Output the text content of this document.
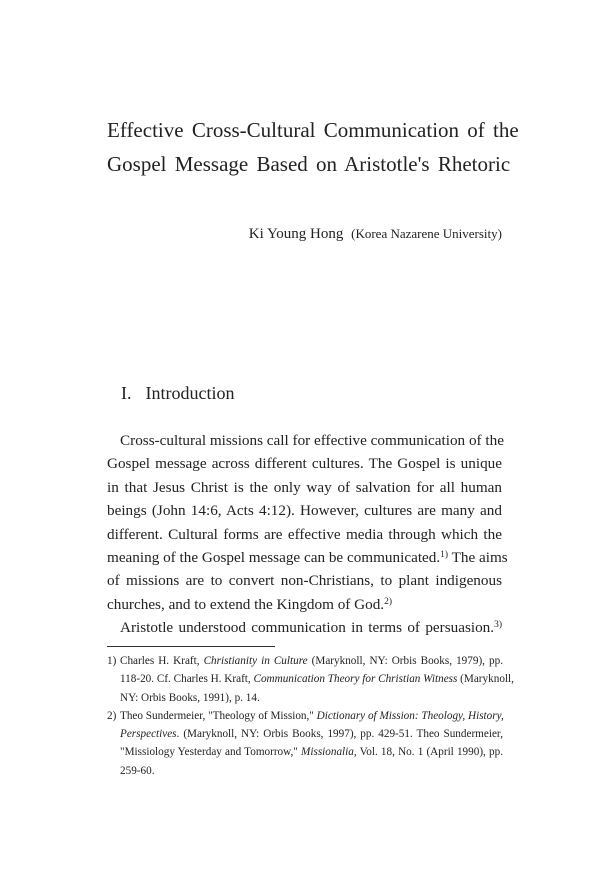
Effective Cross-Cultural Communication of the
Gospel Message Based on Aristotle's Rhetoric
Ki Young Hong (Korea Nazarene University)
I. Introduction
Cross-cultural missions call for effective communication of the
Gospel message across different cultures. The Gospel is unique
in that Jesus Christ is the only way of salvation for all human
beings (John 14:6, Acts 4:12). However, cultures are many and
different. Cultural forms are effective media through which the
meaning of the Gospel message can be communicated.$^{1)}$ The aims
of missions are to convert non-Christians, to plant indigenous
churches, and to extend the Kingdom of God.$^{2)}$
Aristotle understood communication in terms of persuasion.$^{3)}$
1) Charles H. Kraft, Christianity in Culture (Maryknoll, NY: Orbis Books, 1979), pp.
118-20. Cf. Charles H. Kraft, Communication Theory for Christian Witness (Maryknoll,
NY: Orbis Books, 1991), p. 14.
2) Theo Sundermeier, "Theology of Mission," Dictionary of Mission: Theology, History,
Perspectives. (Maryknoll, NY: Orbis Books, 1997), pp. 429-51. Theo Sundermeier,
"Missiology Yesterday and Tomorrow," Missionalia, Vol. 18, No. 1 (April 1990), pp.
259-60.
